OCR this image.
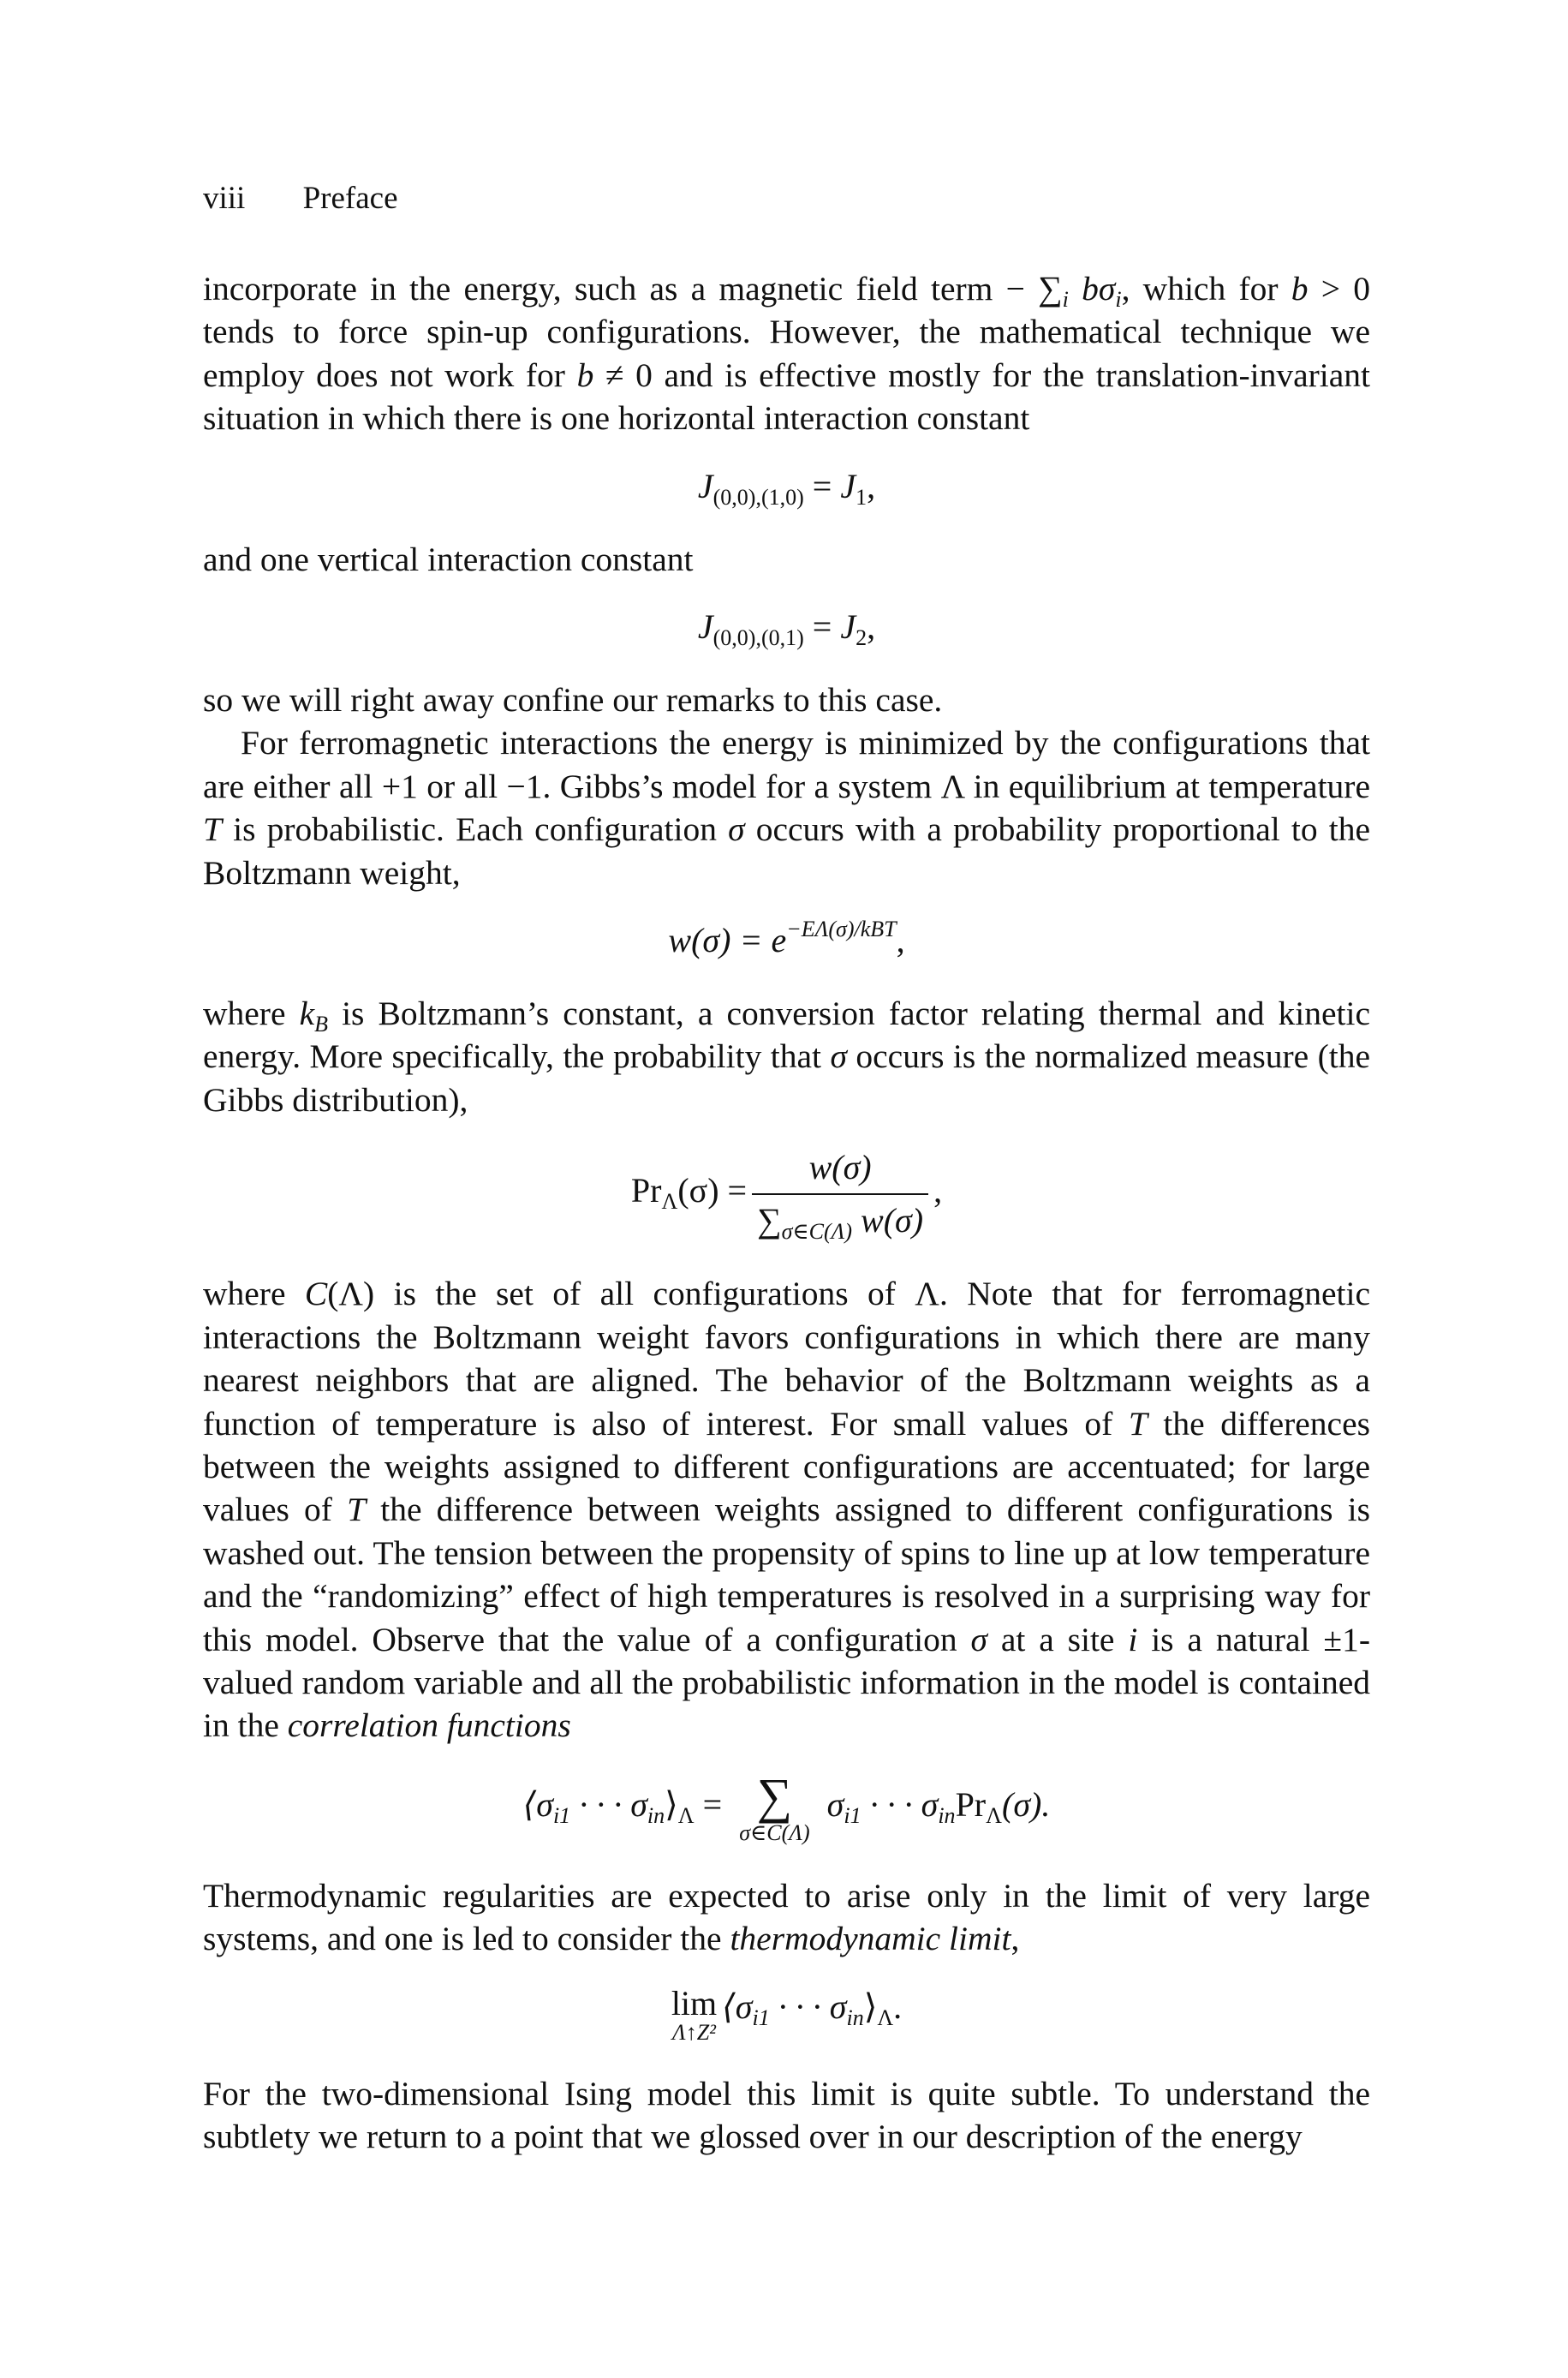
viii Preface

incorporate in the energy, such as a magnetic field term − $\sum_i$ $b\sigma_i$, which for b > 0 tends to force spin-up configurations. However, the mathematical technique we employ does not work for b ≠ 0 and is effective mostly for the translation-invariant situation in which there is one horizontal interaction constant

$J_{(0,0),(1,0)} = J_1$,

and one vertical interaction constant

$J_{(0,0),(0,1)} = J_2$,

so we will right away confine our remarks to this case.

For ferromagnetic interactions the energy is minimized by the configurations that are either all +1 or all −1. Gibbs’s model for a system Λ in equilibrium at temperature T is probabilistic. Each configuration σ occurs with a probability proportional to the Boltzmann weight,

$w(\sigma) = e^{-E\Lambda(\sigma)/kBT}$,

where $k_B$ is Boltzmann’s constant, a conversion factor relating thermal and kinetic energy. More specifically, the probability that σ occurs is the normalized measure (the Gibbs distribution),

$Pr_\Lambda(\sigma) = \frac{w(\sigma)}{\sum_{\sigma\in C(\Lambda)} w(\sigma)}$ ,

where C(Λ) is the set of all configurations of Λ. Note that for ferromagnetic interactions the Boltzmann weight favors configurations in which there are many nearest neighbors that are aligned. The behavior of the Boltzmann weights as a function of temperature is also of interest. For small values of T the differences between the weights assigned to different configurations are accentuated; for large values of T the difference between weights assigned to different configurations is washed out. The tension between the propensity of spins to line up at low temperature and the “randomizing” effect of high temperatures is resolved in a surprising way for this model. Observe that the value of a configuration σ at a site i is a natural ±1-valued random variable and all the probabilistic information in the model is contained in the correlation functions

$⟨\sigma_{i1}$ · · · $\sigma_{in}⟩_\Lambda$ = ∑
σ∈C(Λ)
$\sigma_{i1}$ · · · $\sigma_{in}Pr_\Lambda(\sigma)$.

Thermodynamic regularities are expected to arise only in the limit of very large systems, and one is led to consider the thermodynamic limit,

lim
Λ↑Z²
$⟨\sigma_{i1}$ · · · $\sigma_{in}⟩_\Lambda$.

For the two-dimensional Ising model this limit is quite subtle. To understand the subtlety we return to a point that we glossed over in our description of the energy
